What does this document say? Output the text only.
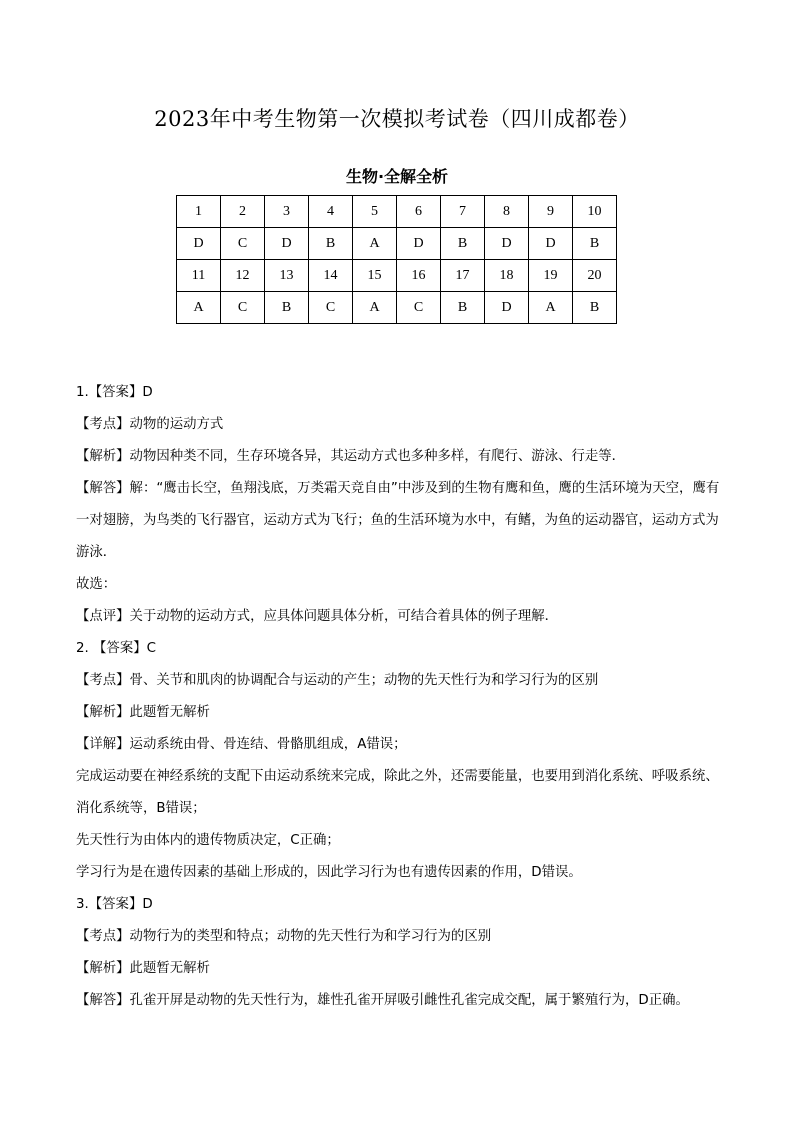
2023年中考生物第一次模拟考试卷（四川成都卷）
生物·全解全析
1	2	3	4	5	6	7	8	9	10
D	C	D	B	A	D	B	D	D	B
11	12	13	14	15	16	17	18	19	20
A	C	B	C	A	C	B	D	A	B

1.【答案】D

【考点】动物的运动方式

【解析】动物因种类不同，生存环境各异，其运动方式也多种多样，有爬行、游泳、行走等．

【解答】解：“鹰击长空，鱼翔浅底，万类霜天竞自由”中涉及到的生物有鹰和鱼，鹰的生活环境为天空，鹰有一对翅膀，为鸟类的飞行器官，运动方式为飞行；鱼的生活环境为水中，有鳍，为鱼的运动器官，运动方式为游泳．

故选：

【点评】关于动物的运动方式，应具体问题具体分析，可结合着具体的例子理解．

2. 【答案】C

【考点】骨、关节和肌肉的协调配合与运动的产生；动物的先天性行为和学习行为的区别

【解析】此题暂无解析

【详解】运动系统由骨、骨连结、骨骼肌组成，A错误；

完成运动要在神经系统的支配下由运动系统来完成，除此之外，还需要能量，也要用到消化系统、呼吸系统、消化系统等，B错误；

先天性行为由体内的遗传物质决定，C正确；

学习行为是在遗传因素的基础上形成的，因此学习行为也有遗传因素的作用，D错误。

3.【答案】D

【考点】动物行为的类型和特点；动物的先天性行为和学习行为的区别

【解析】此题暂无解析

【解答】孔雀开屏是动物的先天性行为，雄性孔雀开屏吸引雌性孔雀完成交配，属于繁殖行为，D正确。
